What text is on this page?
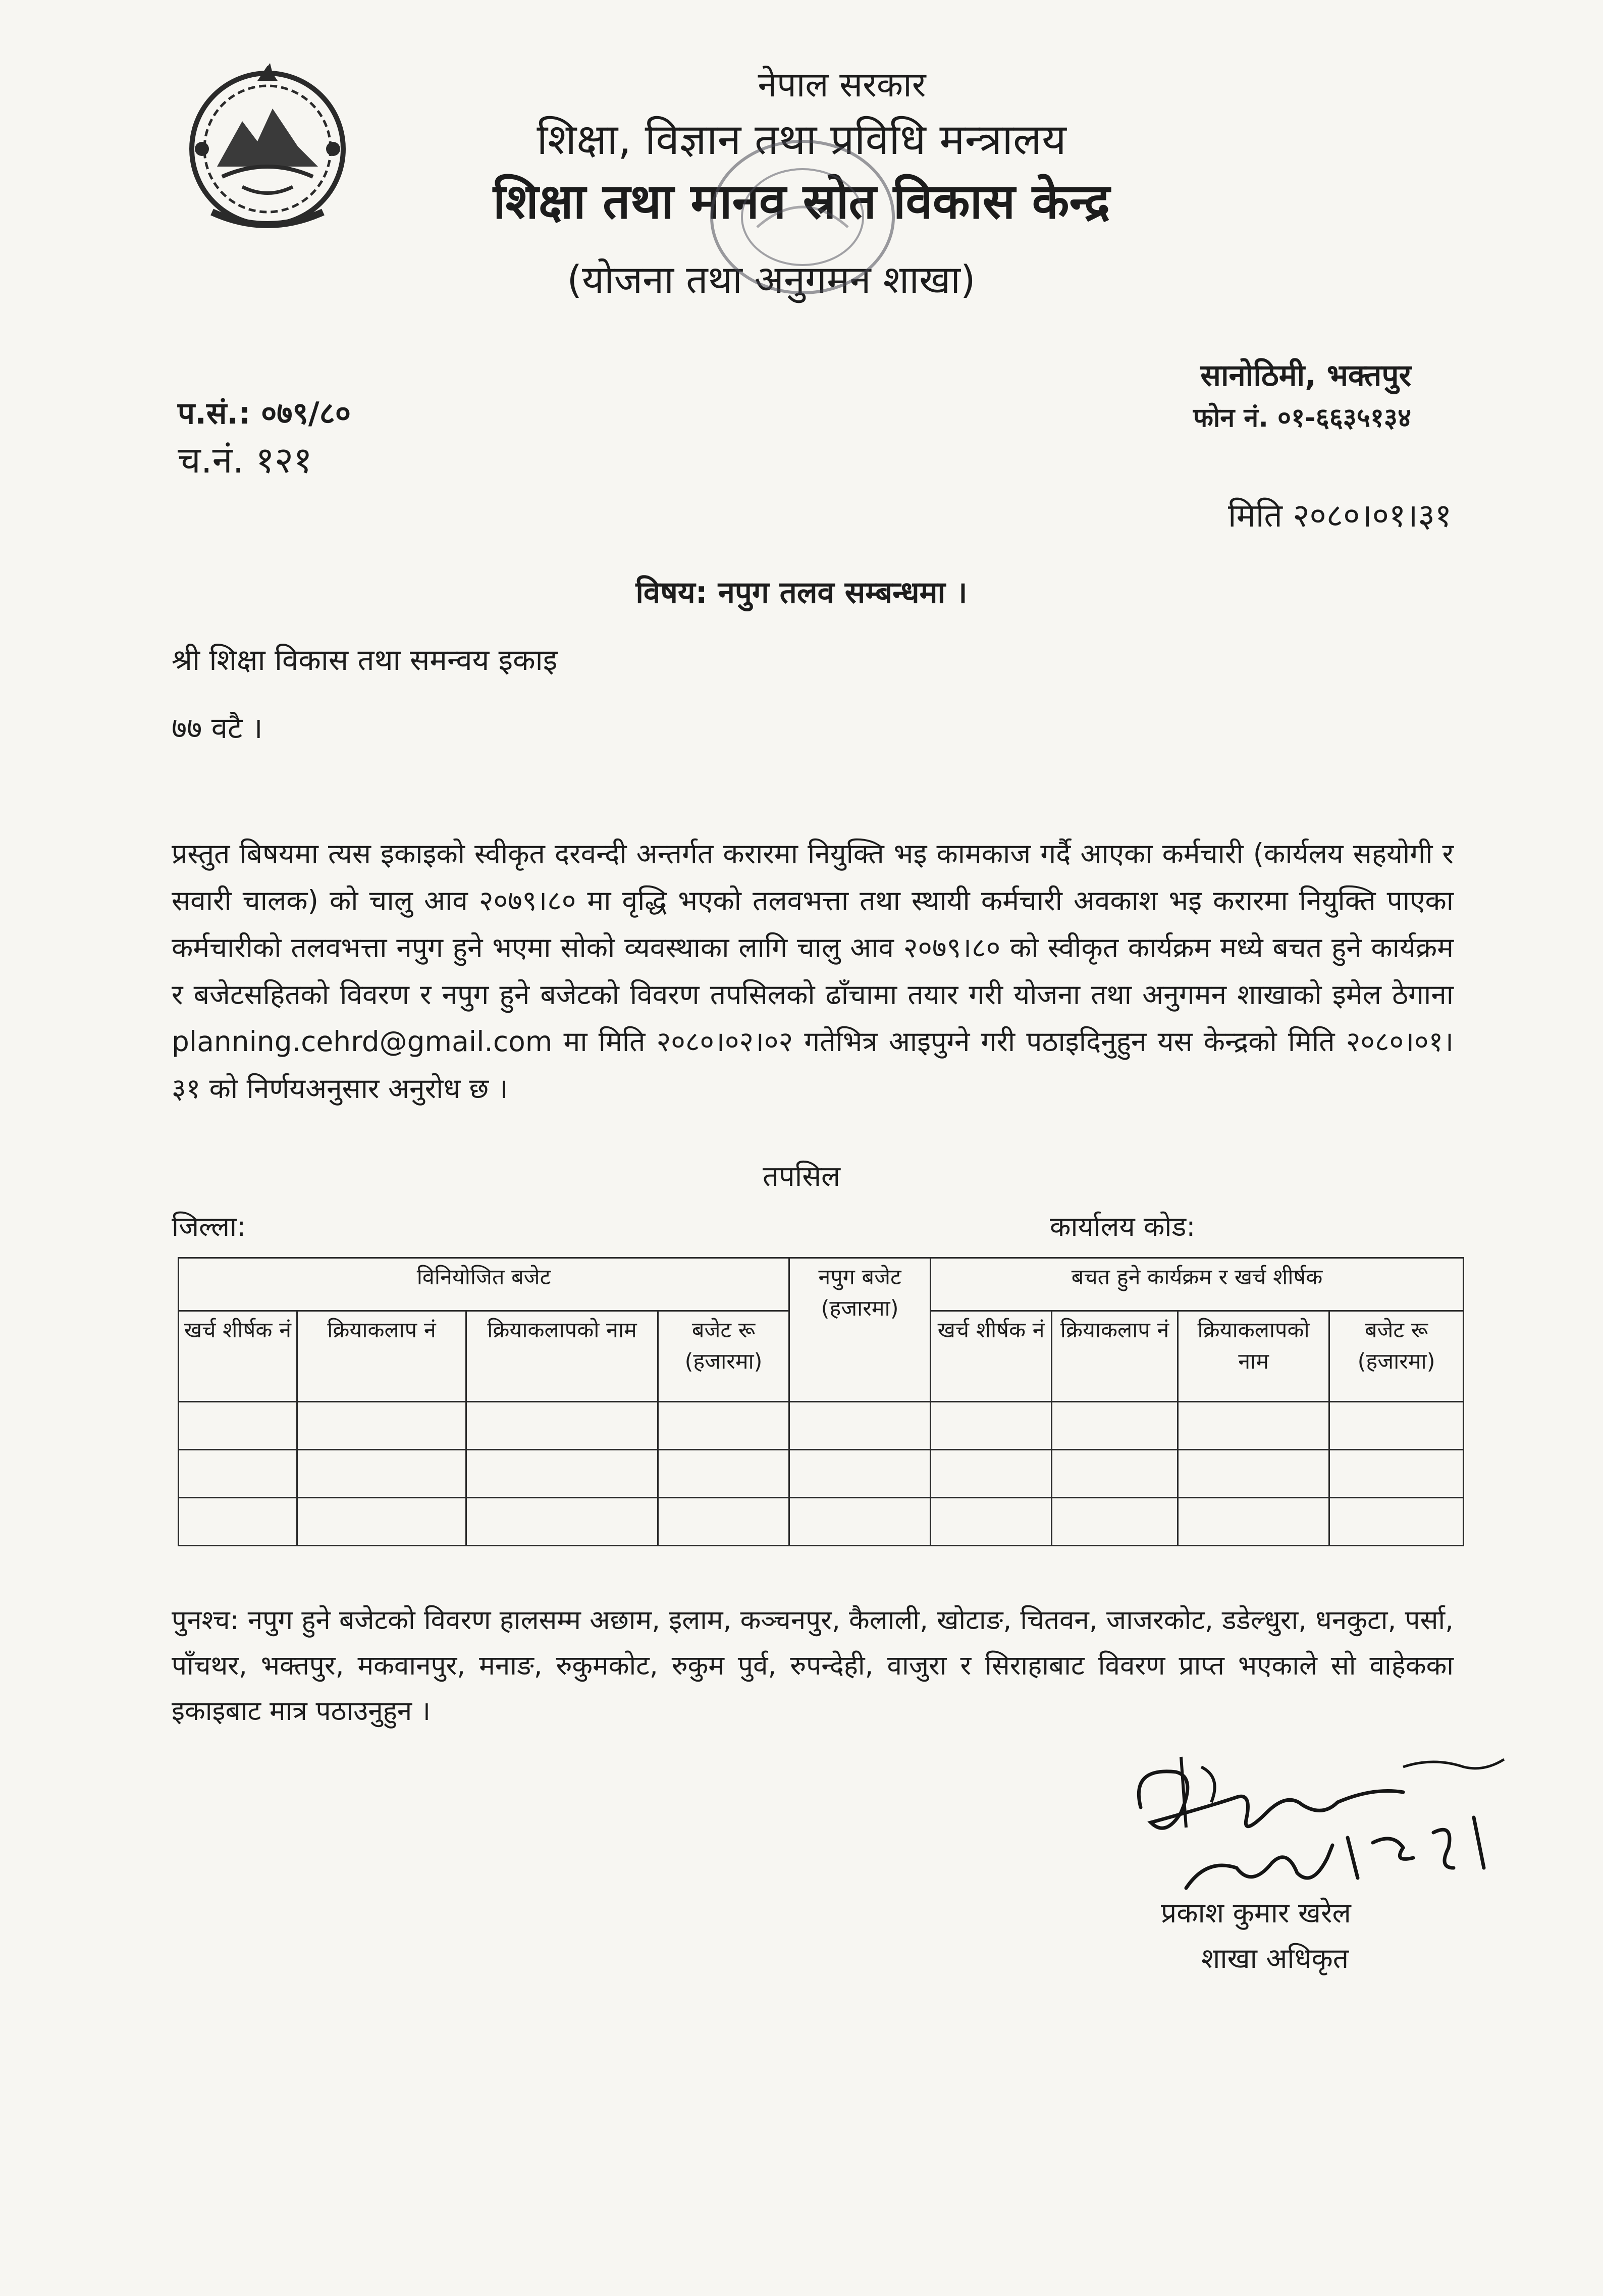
नेपाल सरकार
शिक्षा, विज्ञान तथा प्रविधि मन्त्रालय
शिक्षा तथा मानव स्रोत विकास केन्द्र
(योजना तथा अनुगमन शाखा)
सानोठिमी, भक्तपुर
फोन नं. ०१-६६३५१३४
प.सं.: ०७९/८०
च.नं. १२१
मिति २०८०।०१।३१
विषय: नपुग तलव सम्बन्धमा ।
श्री शिक्षा विकास तथा समन्वय इकाइ
७७ वटै ।
प्रस्तुत बिषयमा त्यस इकाइको स्वीकृत दरवन्दी अन्तर्गत करारमा नियुक्ति भइ कामकाज गर्दै आएका कर्मचारी (कार्यलय सहयोगी र सवारी चालक) को चालु आव २०७९।८० मा वृद्धि भएको तलवभत्ता तथा स्थायी कर्मचारी अवकाश भइ करारमा नियुक्ति पाएका कर्मचारीको तलवभत्ता नपुग हुने भएमा सोको व्यवस्थाका लागि चालु आव २०७९।८० को स्वीकृत कार्यक्रम मध्ये बचत हुने कार्यक्रम र बजेटसहितको विवरण र नपुग हुने बजेटको विवरण तपसिलको ढाँचामा तयार गरी योजना तथा अनुगमन शाखाको इमेल ठेगाना planning.cehrd@gmail.com मा मिति २०८०।०२।०२ गतेभित्र आइपुग्ने गरी पठाइदिनुहुन यस केन्द्रको मिति २०८०।०१।३१ को निर्णयअनुसार अनुरोध छ ।
तपसिल
जिल्ला:	कार्यालय कोड:
विनियोजित बजेट				नपुग बजेट (हजारमा)	बचत हुने कार्यक्रम र खर्च शीर्षक			
खर्च शीर्षक नं	क्रियाकलाप नं	क्रियाकलापको नाम	बजेट रू (हजारमा)		खर्च शीर्षक नं	क्रियाकलाप नं	क्रियाकलापको नाम	बजेट रू (हजारमा)

पुनश्च: नपुग हुने बजेटको विवरण हालसम्म अछाम, इलाम, कञ्चनपुर, कैलाली, खोटाङ, चितवन, जाजरकोट, डडेल्धुरा, धनकुटा, पर्सा, पाँचथर, भक्तपुर, मकवानपुर, मनाङ, रुकुमकोट, रुकुम पुर्व, रुपन्देही, वाजुरा र सिराहाबाट विवरण प्राप्त भएकाले सो वाहेकका इकाइबाट मात्र पठाउनुहुन ।
प्रकाश कुमार खरेल
शाखा अधिकृत
